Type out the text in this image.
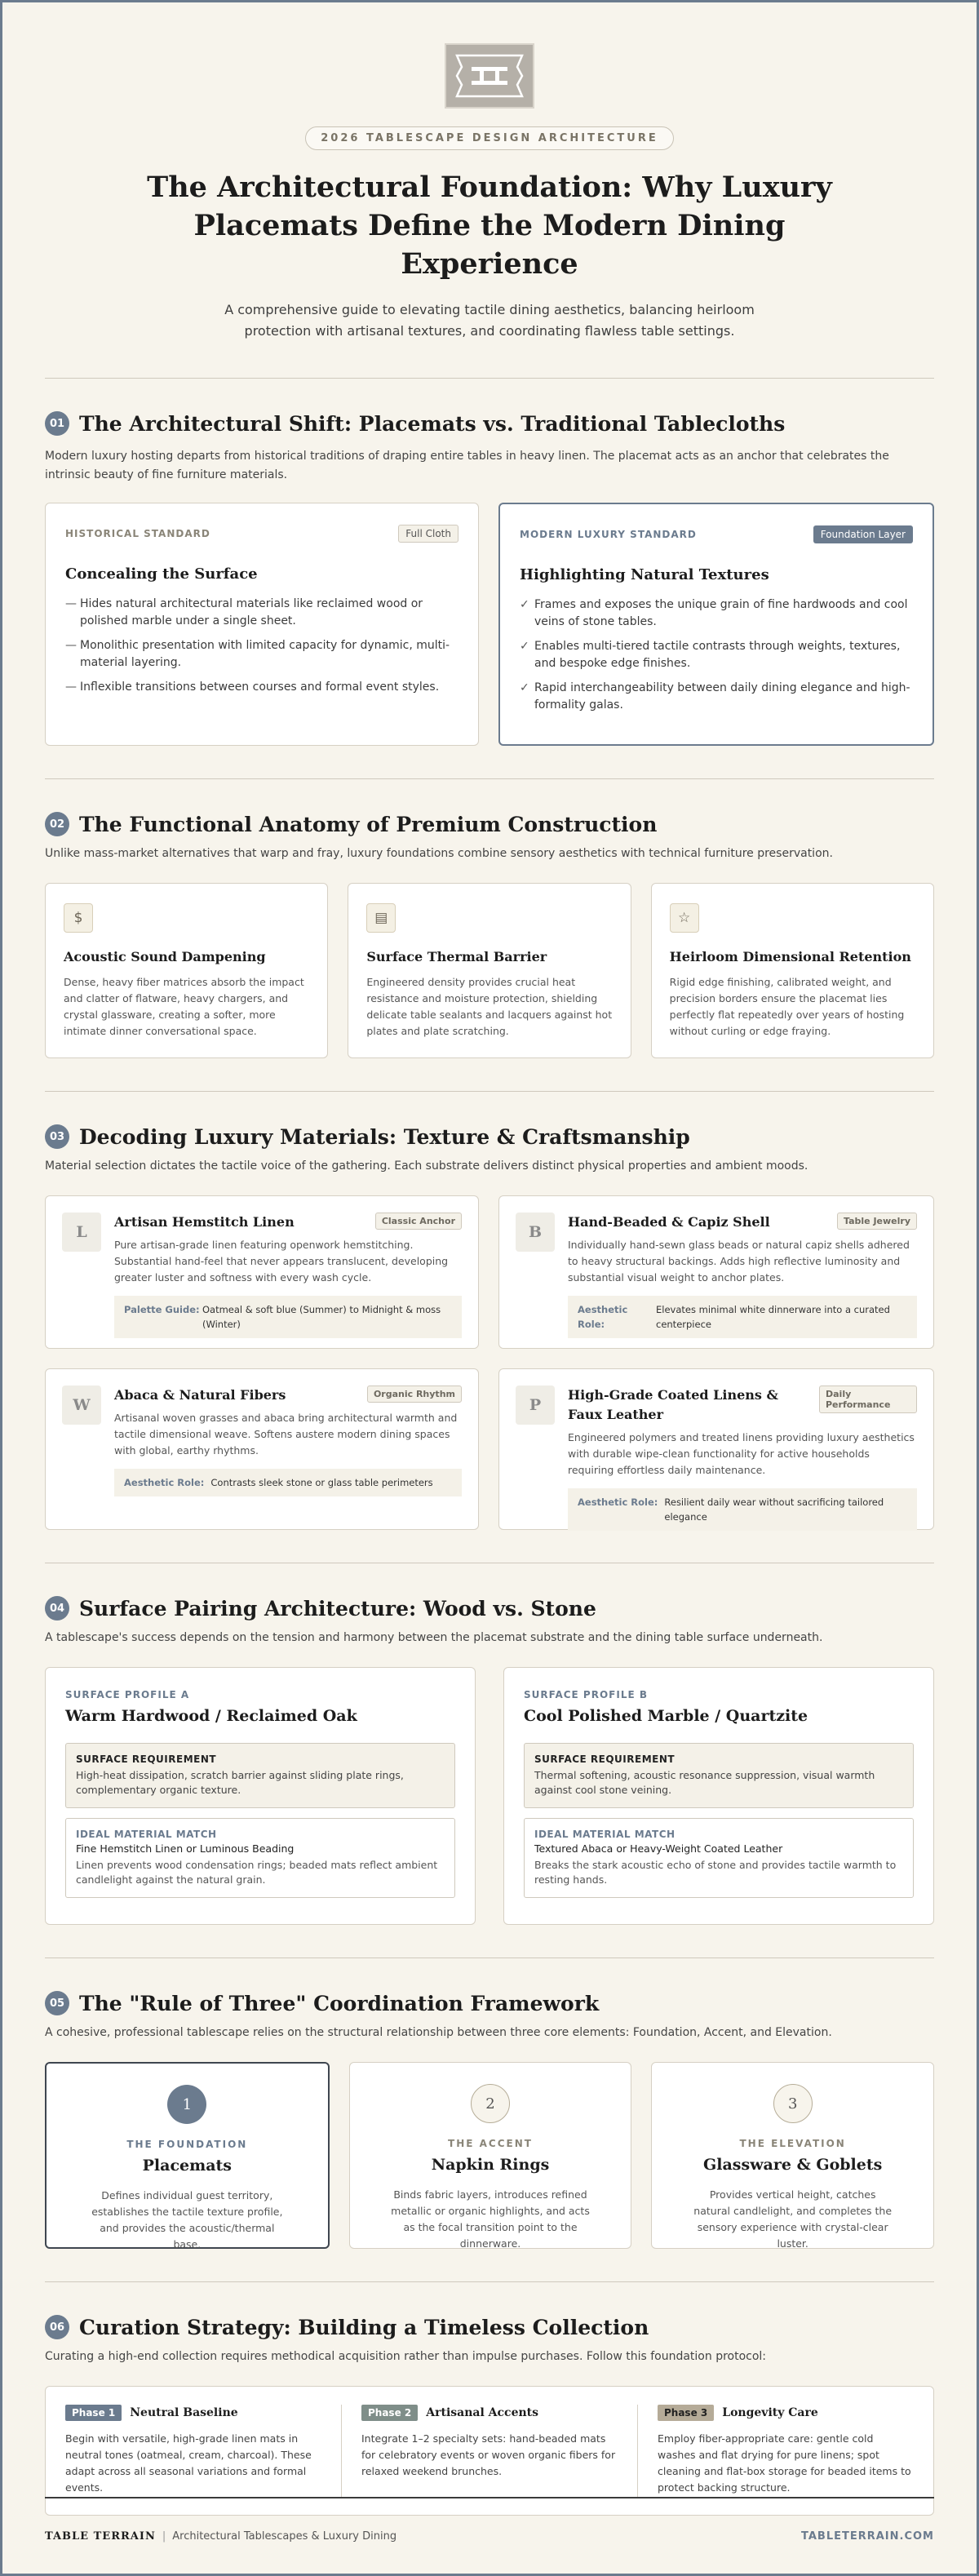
2026 TABLESCAPE DESIGN ARCHITECTURE
The Architectural Foundation: Why Luxury Placemats Define the Modern Dining Experience

A comprehensive guide to elevating tactile dining aesthetics, balancing heirloom protection with artisanal textures, and coordinating flawless table settings.

01 The Architectural Shift: Placemats vs. Traditional Tablecloths

Modern luxury hosting departs from historical traditions of draping entire tables in heavy linen. The placemat acts as an anchor that celebrates the intrinsic beauty of fine furniture materials.

HISTORICAL STANDARD	Full Cloth
Concealing the Surface
— Hides natural architectural materials like reclaimed wood or polished marble under a single sheet.
— Monolithic presentation with limited capacity for dynamic, multi-material layering.
— Inflexible transitions between courses and formal event styles.
MODERN LUXURY STANDARD	Foundation Layer
Highlighting Natural Textures
✓ Frames and exposes the unique grain of fine hardwoods and cool veins of stone tables.
✓ Enables multi-tiered tactile contrasts through weights, textures, and bespoke edge finishes.
✓ Rapid interchangeability between daily dining elegance and high-formality galas.
02 The Functional Anatomy of Premium Construction

Unlike mass-market alternatives that warp and fray, luxury foundations combine sensory aesthetics with technical furniture preservation.

$
Acoustic Sound Dampening

Dense, heavy fiber matrices absorb the impact and clatter of flatware, heavy chargers, and crystal glassware, creating a softer, more intimate dinner conversational space.

▤
Surface Thermal Barrier

Engineered density provides crucial heat resistance and moisture protection, shielding delicate table sealants and lacquers against hot plates and plate scratching.

☆
Heirloom Dimensional Retention

Rigid edge finishing, calibrated weight, and precision borders ensure the placemat lies perfectly flat repeatedly over years of hosting without curling or edge fraying.

03 Decoding Luxury Materials: Texture & Craftsmanship

Material selection dictates the tactile voice of the gathering. Each substrate delivers distinct physical properties and ambient moods.

L
Artisan Hemstitch Linen	Classic Anchor

Pure artisan-grade linen featuring openwork hemstitching. Substantial hand-feel that never appears translucent, developing greater luster and softness with every wash cycle.

Palette Guide: Oatmeal & soft blue (Summer) to Midnight & moss (Winter)
B
Hand-Beaded & Capiz Shell	Table Jewelry

Individually hand-sewn glass beads or natural capiz shells adhered to heavy structural backings. Adds high reflective luminosity and substantial visual weight to anchor plates.

Aesthetic Role:
Elevates minimal white dinnerware into a curated centerpiece
W
Abaca & Natural Fibers	Organic Rhythm

Artisanal woven grasses and abaca bring architectural warmth and tactile dimensional weave. Softens austere modern dining spaces with global, earthy rhythms.

Aesthetic Role: Contrasts sleek stone or glass table perimeters
P
High-Grade Coated Linens & Faux Leather
Daily Performance

Engineered polymers and treated linens providing luxury aesthetics with durable wipe-clean functionality for active households requiring effortless daily maintenance.

Aesthetic Role: Resilient daily wear without sacrificing tailored elegance
04 Surface Pairing Architecture: Wood vs. Stone

A tablescape's success depends on the tension and harmony between the placemat substrate and the dining table surface underneath.

SURFACE PROFILE A
Warm Hardwood / Reclaimed Oak
SURFACE REQUIREMENT
High-heat dissipation, scratch barrier against sliding plate rings, complementary organic texture.
IDEAL MATERIAL MATCH
Fine Hemstitch Linen or Luminous Beading
Linen prevents wood condensation rings; beaded mats reflect ambient candlelight against the natural grain.
SURFACE PROFILE B
Cool Polished Marble / Quartzite
SURFACE REQUIREMENT
Thermal softening, acoustic resonance suppression, visual warmth against cool stone veining.
IDEAL MATERIAL MATCH
Textured Abaca or Heavy-Weight Coated Leather
Breaks the stark acoustic echo of stone and provides tactile warmth to resting hands.
05 The "Rule of Three" Coordination Framework

A cohesive, professional tablescape relies on the structural relationship between three core elements: Foundation, Accent, and Elevation.

1
THE FOUNDATION
Placemats

Defines individual guest territory, establishes the tactile texture profile, and provides the acoustic/thermal base.

2
THE ACCENT
Napkin Rings

Binds fabric layers, introduces refined metallic or organic highlights, and acts as the focal transition point to the dinnerware.

3
THE ELEVATION
Glassware & Goblets

Provides vertical height, catches natural candlelight, and completes the sensory experience with crystal-clear luster.

06 Curation Strategy: Building a Timeless Collection

Curating a high-end collection requires methodical acquisition rather than impulse purchases. Follow this foundation protocol:

Phase 1	Neutral Baseline

Begin with versatile, high-grade linen mats in neutral tones (oatmeal, cream, charcoal). These adapt across all seasonal variations and formal events.

Phase 2	Artisanal Accents

Integrate 1–2 specialty sets: hand-beaded mats for celebratory events or woven organic fibers for relaxed weekend brunches.

Phase 3	Longevity Care

Employ fiber-appropriate care: gentle cold washes and flat drying for pure linens; spot cleaning and flat-box storage for beaded items to protect backing structure.

TABLE TERRAIN | Architectural Tablescapes & Luxury Dining	TABLETERRAIN.COM
